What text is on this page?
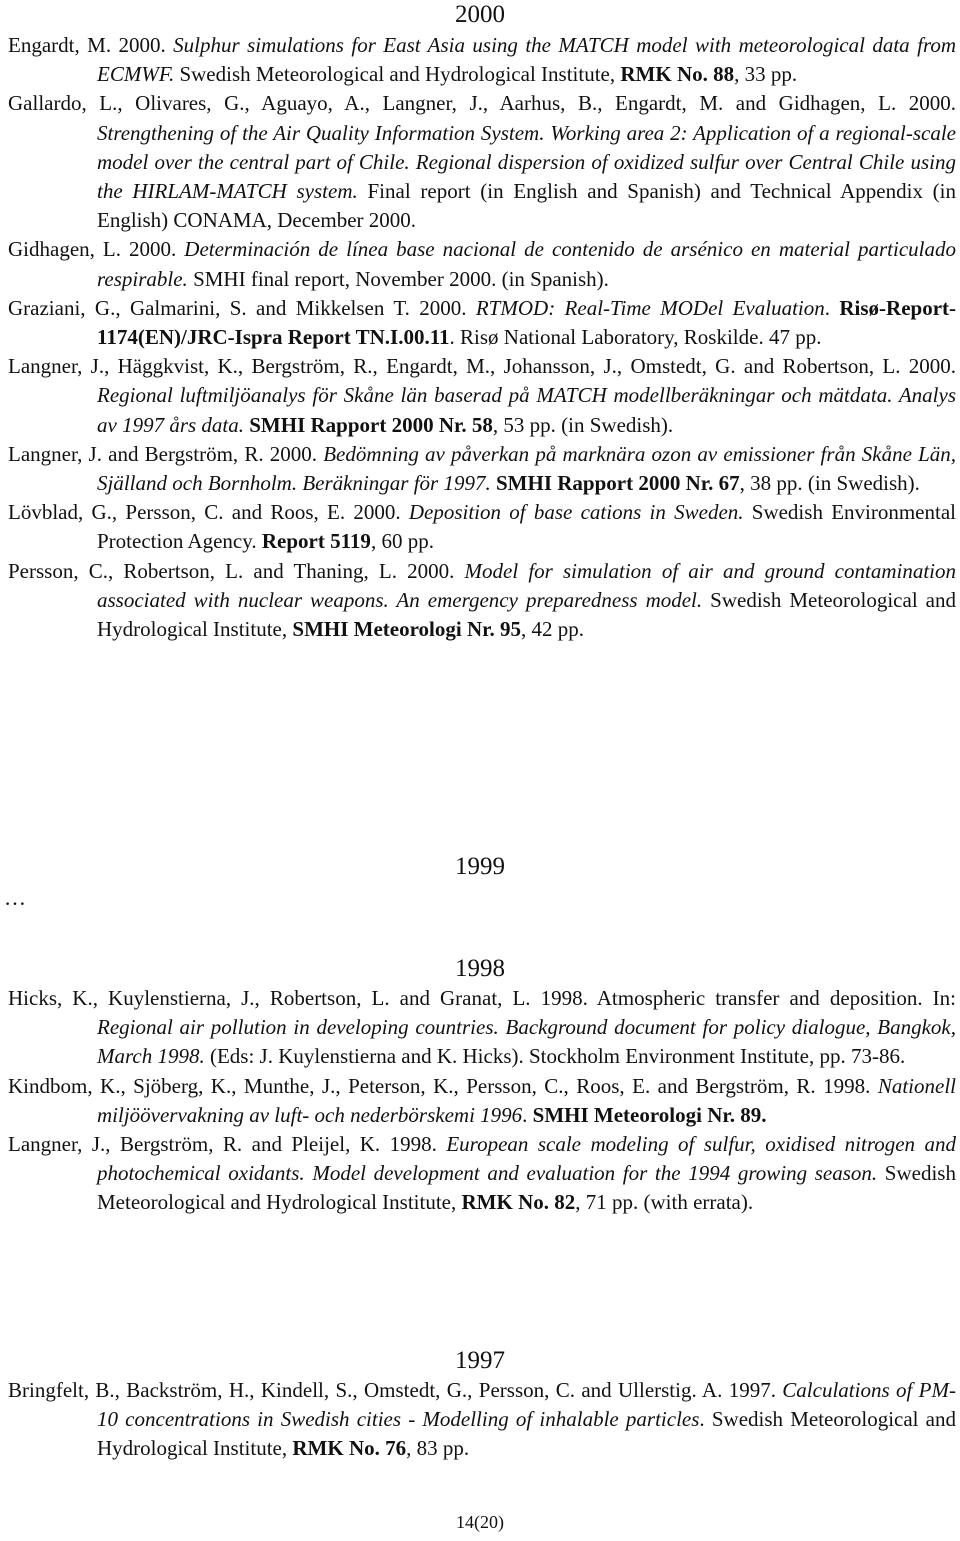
2000
Engardt, M. 2000. Sulphur simulations for East Asia using the MATCH model with meteorological data from ECMWF. Swedish Meteorological and Hydrological Institute, RMK No. 88, 33 pp.
Gallardo, L., Olivares, G., Aguayo, A., Langner, J., Aarhus, B., Engardt, M. and Gidhagen, L. 2000. Strengthening of the Air Quality Information System. Working area 2: Application of a regional-scale model over the central part of Chile. Regional dispersion of oxidized sulfur over Central Chile using the HIRLAM-MATCH system. Final report (in English and Spanish) and Technical Appendix (in English) CONAMA, December 2000.
Gidhagen, L. 2000. Determinación de línea base nacional de contenido de arsénico en material particulado respirable. SMHI final report, November 2000. (in Spanish).
Graziani, G., Galmarini, S. and Mikkelsen T. 2000. RTMOD: Real-Time MODel Evaluation. Risø-Report-1174(EN)/JRC-Ispra Report TN.I.00.11. Risø National Laboratory, Roskilde. 47 pp.
Langner, J., Häggkvist, K., Bergström, R., Engardt, M., Johansson, J., Omstedt, G. and Robertson, L. 2000. Regional luftmiljöanalys för Skåne län baserad på MATCH modellberäkningar och mätdata. Analys av 1997 års data. SMHI Rapport 2000 Nr. 58, 53 pp. (in Swedish).
Langner, J. and Bergström, R. 2000. Bedömning av påverkan på marknära ozon av emissioner från Skåne Län, Själland och Bornholm. Beräkningar för 1997. SMHI Rapport 2000 Nr. 67, 38 pp. (in Swedish).
Lövblad, G., Persson, C. and Roos, E. 2000. Deposition of base cations in Sweden. Swedish Environmental Protection Agency. Report 5119, 60 pp.
Persson, C., Robertson, L. and Thaning, L. 2000. Model for simulation of air and ground contamination associated with nuclear weapons. An emergency preparedness model. Swedish Meteorological and Hydrological Institute, SMHI Meteorologi Nr. 95, 42 pp.
1999
…
1998
Hicks, K., Kuylenstierna, J., Robertson, L. and Granat, L. 1998. Atmospheric transfer and deposition. In: Regional air pollution in developing countries. Background document for policy dialogue, Bangkok, March 1998. (Eds: J. Kuylenstierna and K. Hicks). Stockholm Environment Institute, pp. 73-86.
Kindbom, K., Sjöberg, K., Munthe, J., Peterson, K., Persson, C., Roos, E. and Bergström, R. 1998. Nationell miljöövervakning av luft- och nederbörskemi 1996. SMHI Meteorologi Nr. 89.
Langner, J., Bergström, R. and Pleijel, K. 1998. European scale modeling of sulfur, oxidised nitrogen and photochemical oxidants. Model development and evaluation for the 1994 growing season. Swedish Meteorological and Hydrological Institute, RMK No. 82, 71 pp. (with errata).
1997
Bringfelt, B., Backström, H., Kindell, S., Omstedt, G., Persson, C. and Ullerstig. A. 1997. Calculations of PM-10 concentrations in Swedish cities - Modelling of inhalable particles. Swedish Meteorological and Hydrological Institute, RMK No. 76, 83 pp.
14(20)
